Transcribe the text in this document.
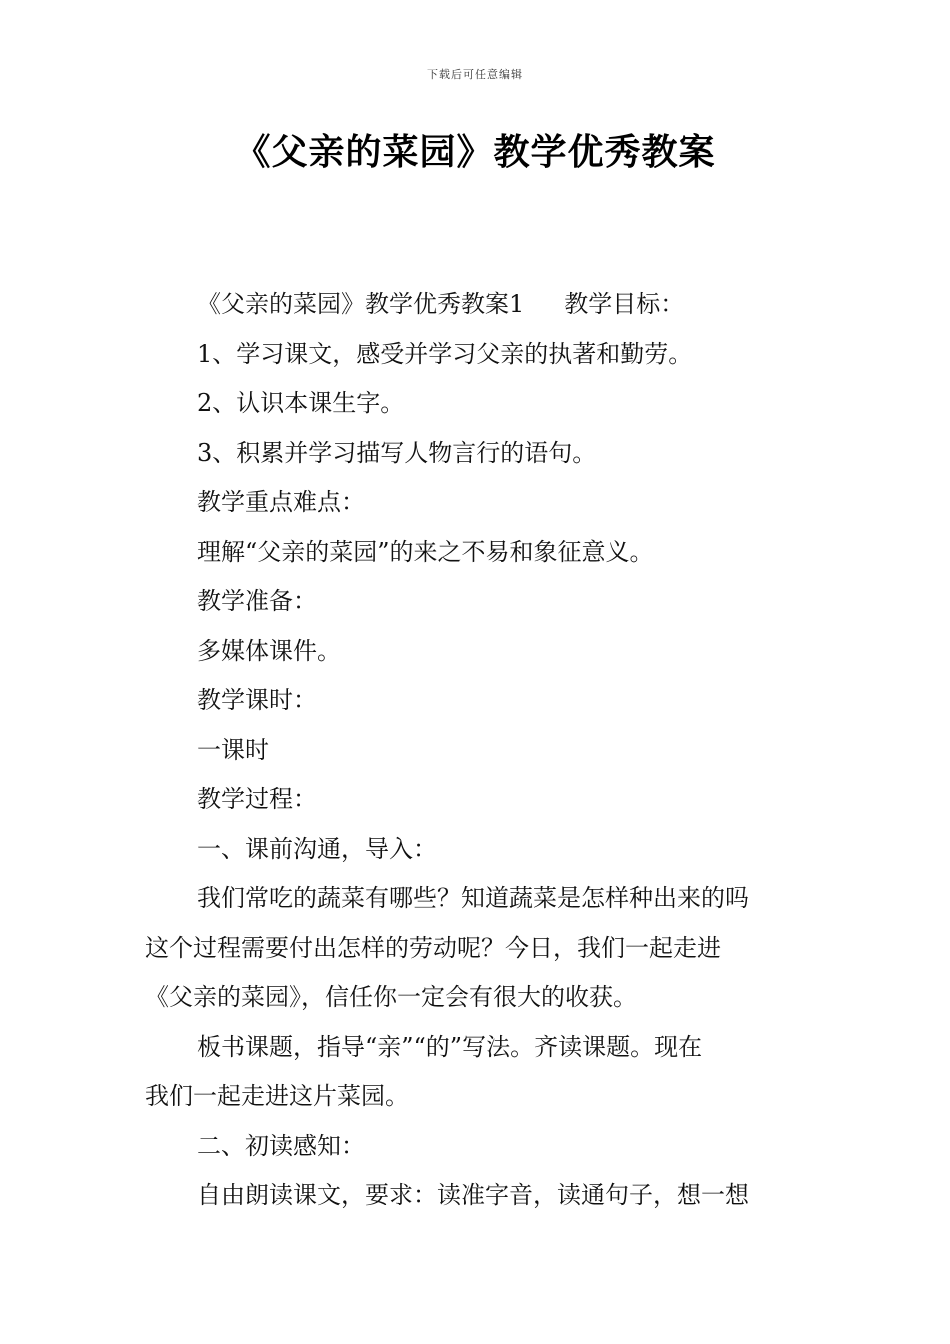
下载后可任意编辑
《父亲的菜园》教学优秀教案
《父亲的菜园》教学优秀教案1 教学目标：
1、学习课文，感受并学习父亲的执著和勤劳。
2、认识本课生字。
3、积累并学习描写人物言行的语句。
教学重点难点：
理解“父亲的菜园”的来之不易和象征意义。
教学准备：
多媒体课件。
教学课时：
一课时
教学过程：
一、课前沟通，导入：
我们常吃的蔬菜有哪些？知道蔬菜是怎样种出来的吗
这个过程需要付出怎样的劳动呢？今日，我们一起走进
《父亲的菜园》，信任你一定会有很大的收获。
板书课题，指导“亲”“的”写法。齐读课题。现在
我们一起走进这片菜园。
二、初读感知：
自由朗读课文，要求：读准字音，读通句子，想一想
